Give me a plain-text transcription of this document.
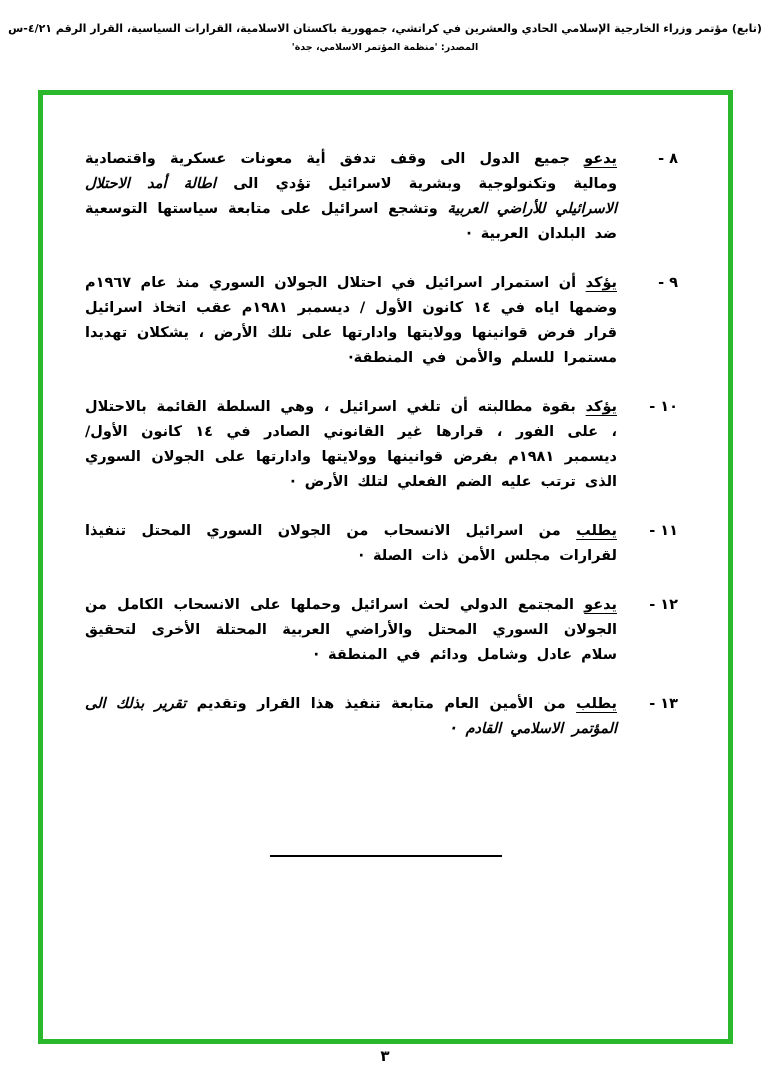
(تابع) مؤتمر وزراء الخارجية الإسلامي الحادي والعشرين في كراتشي، جمهورية باكستان الاسلامية، القرارات السياسية، القرار الرقم ٤/٢١-س
المصدر: 'منظمة المؤتمر الاسلامي، جدة'
٨ -
يدعو جميع الدول الى وقف تدفق أية معونات عسكرية واقتصادية ومالية وتكنولوجية وبشرية لاسرائيل تؤدي الى اطالة أمد الاحتلال الاسرائيلي للأراضي العربية وتشجع اسرائيل على متابعة سياستها التوسعية ضد البلدان العربية ·
٩ -
يؤكد أن استمرار اسرائيل في احتلال الجولان السوري منذ عام ١٩٦٧م وضمها اياه في ١٤ كانون الأول / ديسمبر ١٩٨١م عقب اتخاذ اسرائيل قرار فرض قوانينها وولايتها وادارتها على تلك الأرض ، يشكلان تهديدا مستمرا للسلم والأمن في المنطقة·
١٠ -
يؤكد بقوة مطالبته أن تلغي اسرائيل ، وهي السلطة القائمة بالاحتلال ، على الفور ، قرارها غير القانوني الصادر في ١٤ كانون الأول/ ديسمبر ١٩٨١م بفرض قوانينها وولايتها وادارتها على الجولان السوري الذى ترتب عليه الضم الفعلي لتلك الأرض ·
١١ -
يطلب من اسرائيل الانسحاب من الجولان السوري المحتل تنفيذا لقرارات مجلس الأمن ذات الصلة ·
١٢ -
يدعو المجتمع الدولي لحث اسرائيل وحملها على الانسحاب الكامل من الجولان السوري المحتل والأراضي العربية المحتلة الأخرى لتحقيق سلام عادل وشامل ودائم في المنطقة ·
١٣ -
يطلب من الأمين العام متابعة تنفيذ هذا القرار وتقديم تقرير بذلك الى المؤتمر الاسلامي القادم ·
٣
